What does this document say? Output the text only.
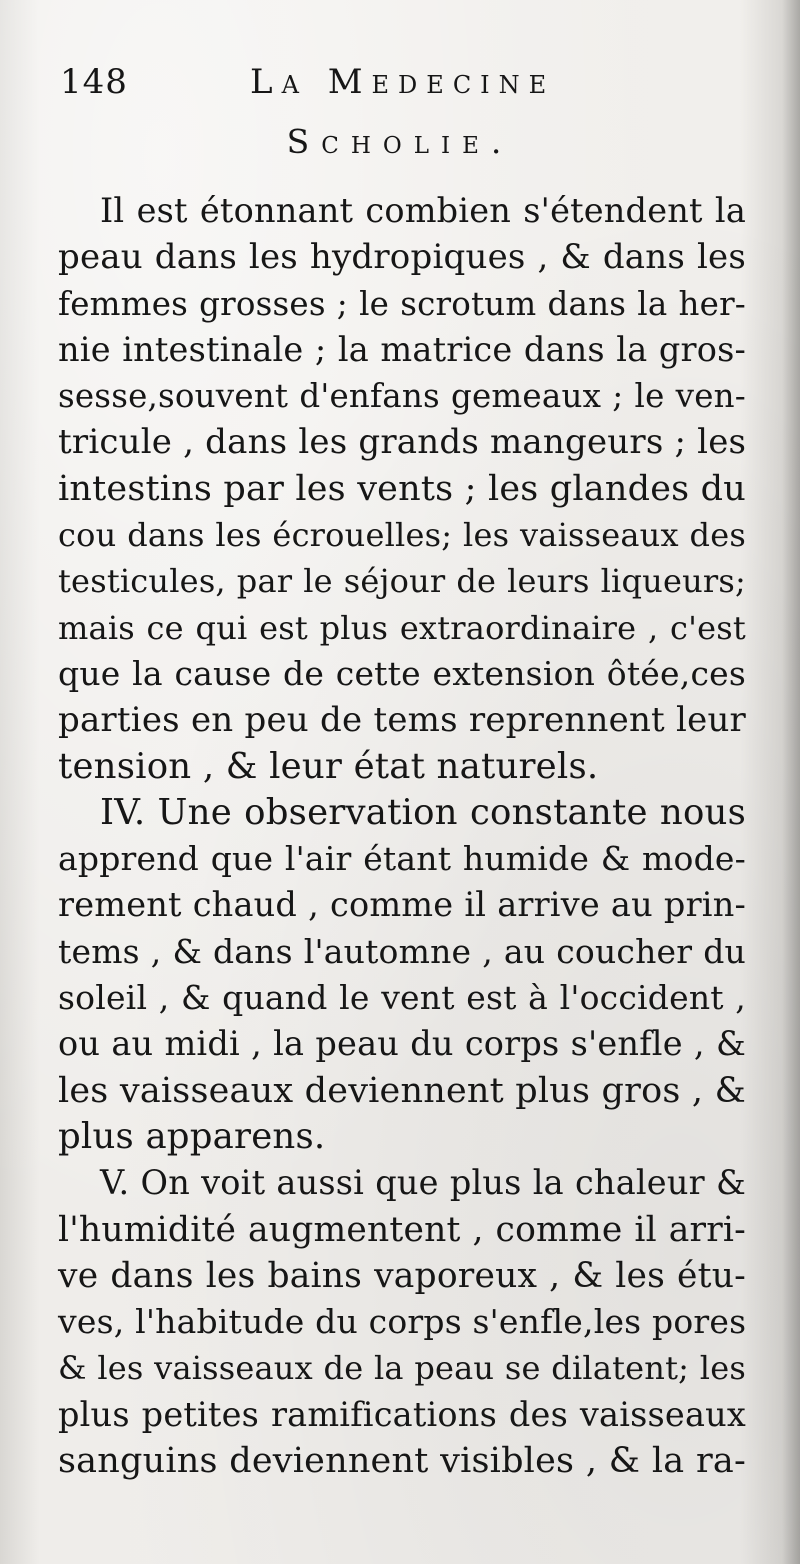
148	La Medecine
Scholie.
Il est étonnant combien s'étendent la
peau dans les hydropiques , & dans les
femmes grosses ; le scrotum dans la her-
nie intestinale ; la matrice dans la gros-
sesse,souvent d'enfans gemeaux ; le ven-
tricule , dans les grands mangeurs ; les
intestins par les vents ; les glandes du
cou dans les écrouelles; les vaisseaux des
testicules, par le séjour de leurs liqueurs;
mais ce qui est plus extraordinaire , c'est
que la cause de cette extension ôtée,ces
parties en peu de tems reprennent leur
tension , & leur état naturels.
IV. Une observation constante nous
apprend que l'air étant humide & mode-
rement chaud , comme il arrive au prin-
tems , & dans l'automne , au coucher du
soleil , & quand le vent est à l'occident ,
ou au midi , la peau du corps s'enfle , &
les vaisseaux deviennent plus gros , &
plus apparens.
V. On voit aussi que plus la chaleur &
l'humidité augmentent , comme il arri-
ve dans les bains vaporeux , & les étu-
ves, l'habitude du corps s'enfle,les pores
& les vaisseaux de la peau se dilatent; les
plus petites ramifications des vaisseaux
sanguins deviennent visibles , & la ra-
